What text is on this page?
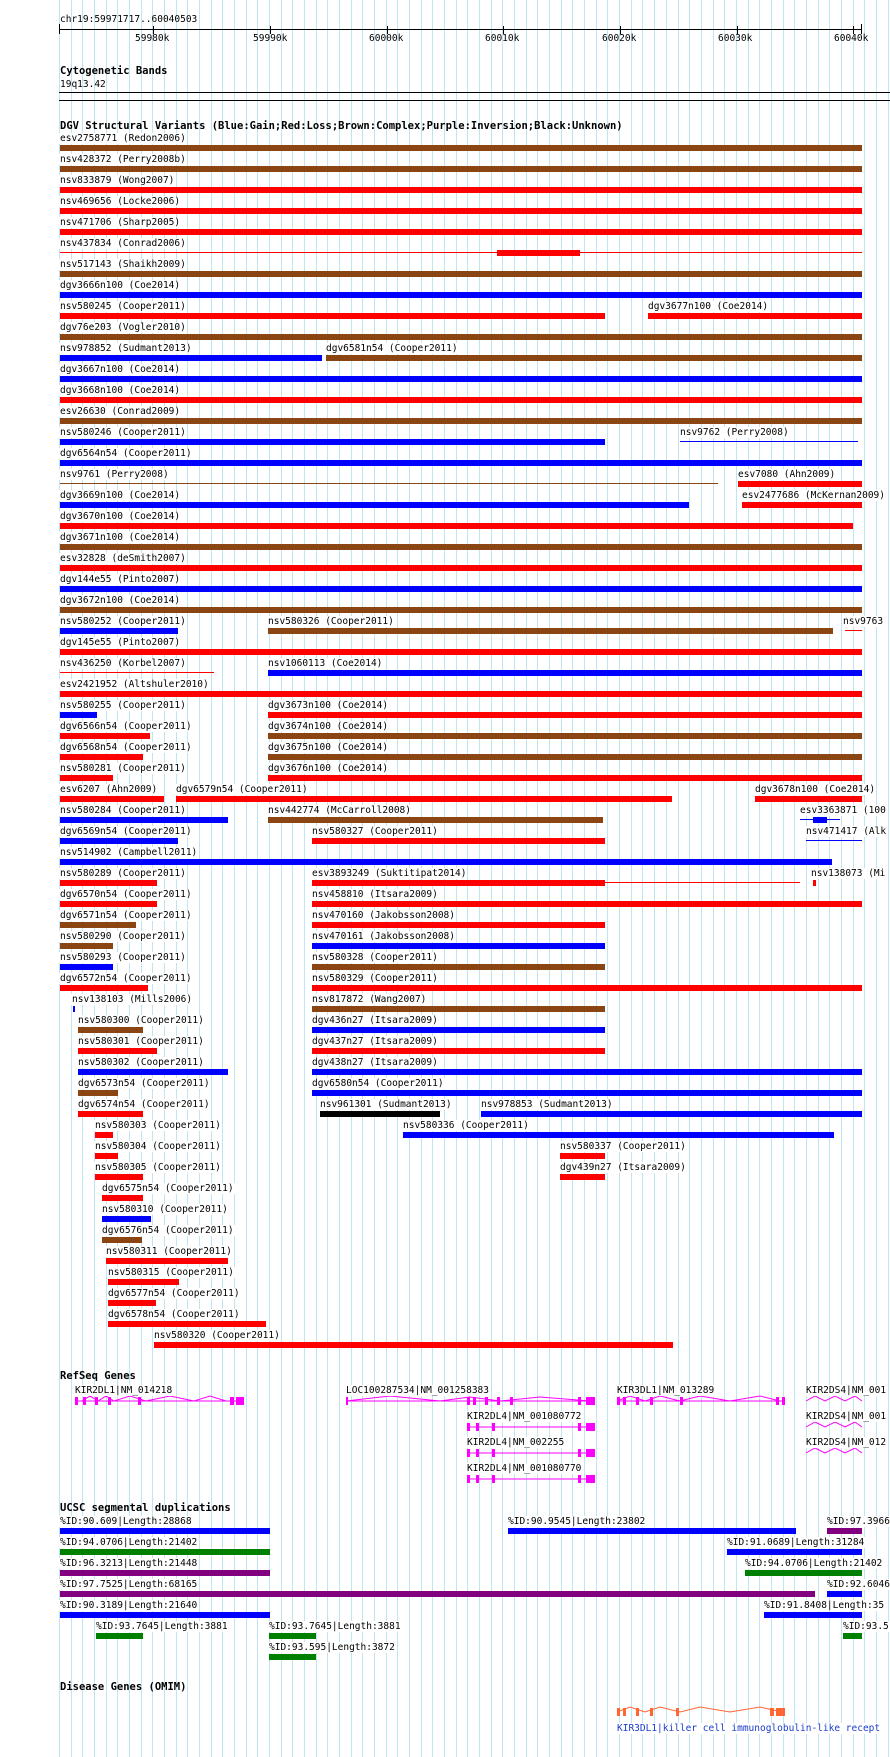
chr19:59971717..60040503
59980k	59990k	60000k	60010k	60020k	60030k	60040k
Cytogenetic Bands
19q13.42
DGV Structural Variants (Blue:Gain;Red:Loss;Brown:Complex;Purple:Inversion;Black:Unknown)
esv2758771 (Redon2006)
nsv428372 (Perry2008b)
nsv833879 (Wong2007)
nsv469656 (Locke2006)
nsv471706 (Sharp2005)
nsv437834 (Conrad2006)
nsv517143 (Shaikh2009)
dgv3666n100 (Coe2014)
nsv580245 (Cooper2011)	dgv3677n100 (Coe2014)
dgv76e203 (Vogler2010)
nsv978852 (Sudmant2013)	dgv6581n54 (Cooper2011)
dgv3667n100 (Coe2014)
dgv3668n100 (Coe2014)
esv26630 (Conrad2009)
nsv580246 (Cooper2011)	nsv9762 (Perry2008)
dgv6564n54 (Cooper2011)
nsv9761 (Perry2008)	esv7080 (Ahn2009)
dgv3669n100 (Coe2014)	esv2477686 (McKernan2009)
dgv3670n100 (Coe2014)
dgv3671n100 (Coe2014)
esv32828 (deSmith2007)
dgv144e55 (Pinto2007)
dgv3672n100 (Coe2014)
nsv580252 (Cooper2011)	nsv580326 (Cooper2011)	nsv9763
dgv145e55 (Pinto2007)
nsv436250 (Korbel2007)	nsv1060113 (Coe2014)
esv2421952 (Altshuler2010)
nsv580255 (Cooper2011)	dgv3673n100 (Coe2014)
dgv6566n54 (Cooper2011)	dgv3674n100 (Coe2014)
dgv6568n54 (Cooper2011)	dgv3675n100 (Coe2014)
nsv580281 (Cooper2011)	dgv3676n100 (Coe2014)
esv6207 (Ahn2009) dgv6579n54 (Cooper2011)	dgv3678n100 (Coe2014)
nsv580284 (Cooper2011)	nsv442774 (McCarroll2008)	esv3363871 (100
dgv6569n54 (Cooper2011)	nsv580327 (Cooper2011)	nsv471417 (Alk
nsv514902 (Campbell2011)
nsv580289 (Cooper2011)	esv3893249 (Suktitipat2014)	nsv138073 (Mi
dgv6570n54 (Cooper2011)	nsv458810 (Itsara2009)
dgv6571n54 (Cooper2011)	nsv470160 (Jakobsson2008)
nsv580290 (Cooper2011)	nsv470161 (Jakobsson2008)
nsv580293 (Cooper2011)	nsv580328 (Cooper2011)
dgv6572n54 (Cooper2011)	nsv580329 (Cooper2011)
nsv138103 (Mills2006)	nsv817872 (Wang2007)
nsv580300 (Cooper2011)	dgv436n27 (Itsara2009)
nsv580301 (Cooper2011)	dgv437n27 (Itsara2009)
nsv580302 (Cooper2011)	dgv438n27 (Itsara2009)
dgv6573n54 (Cooper2011)	dgv6580n54 (Cooper2011)
dgv6574n54 (Cooper2011)	nsv961301 (Sudmant2013)	nsv978853 (Sudmant2013)
nsv580303 (Cooper2011)	nsv580336 (Cooper2011)
nsv580304 (Cooper2011)	nsv580337 (Cooper2011)
nsv580305 (Cooper2011)	dgv439n27 (Itsara2009)
dgv6575n54 (Cooper2011)
nsv580310 (Cooper2011)
dgv6576n54 (Cooper2011)
nsv580311 (Cooper2011)
nsv580315 (Cooper2011)
dgv6577n54 (Cooper2011)
dgv6578n54 (Cooper2011)
nsv580320 (Cooper2011)
RefSeq Genes
KIR2DL1|NM_014218	LOC100287534|NM_001258383	KIR3DL1|NM_013289	KIR2DS4|NM_001
KIR2DL4|NM_001080772	KIR2DS4|NM_001
KIR2DL4|NM_002255	KIR2DS4|NM_012
KIR2DL4|NM_001080770
UCSC segmental duplications
%ID:90.609|Length:28868	%ID:90.9545|Length:23802	%ID:97.3966
%ID:94.0706|Length:21402	%ID:91.0689|Length:31284
%ID:96.3213|Length:21448	%ID:94.0706|Length:21402
%ID:97.7525|Length:68165	%ID:92.6046
%ID:90.3189|Length:21640	%ID:91.8408|Length:35
%ID:93.7645|Length:3881	%ID:93.7645|Length:3881	%ID:93.5
%ID:93.595|Length:3872
Disease Genes (OMIM)
KIR3DL1|killer cell immunoglobulin-like recept
